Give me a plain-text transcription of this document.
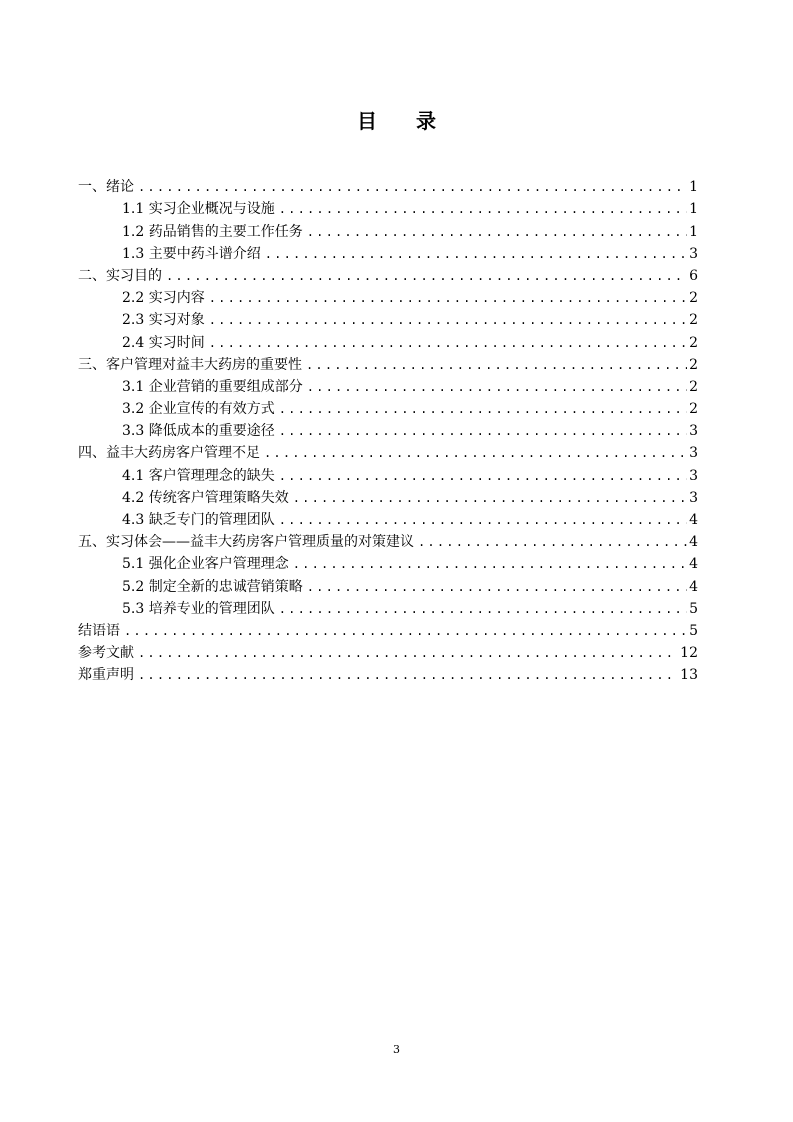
目 录
一、绪论 .....	1
1.1 实习企业概况与设施 .....	1
1.2 药品销售的主要工作任务 .....	1
1.3 主要中药斗谱介绍 .....	3
二、实习目的 .....	6
2.2 实习内容 .....	2
2.3 实习对象 .....	2
2.4 实习时间 .....	2
三、客户管理对益丰大药房的重要性 .....	2
3.1 企业营销的重要组成部分 .....	2
3.2 企业宣传的有效方式 .....	2
3.3 降低成本的重要途径 .....	3
四、益丰大药房客户管理不足 .....	3
4.1 客户管理理念的缺失 .....	3
4.2 传统客户管理策略失效 .....	3
4.3 缺乏专门的管理团队 .....	4
五、实习体会——益丰大药房客户管理质量的对策建议 .....	4
5.1 强化企业客户管理理念 .....	4
5.2 制定全新的忠诚营销策略 .....	4
5.3 培养专业的管理团队 .....	5
结语语 .....	5
参考文献 .....	12
郑重声明 .....	13
3
